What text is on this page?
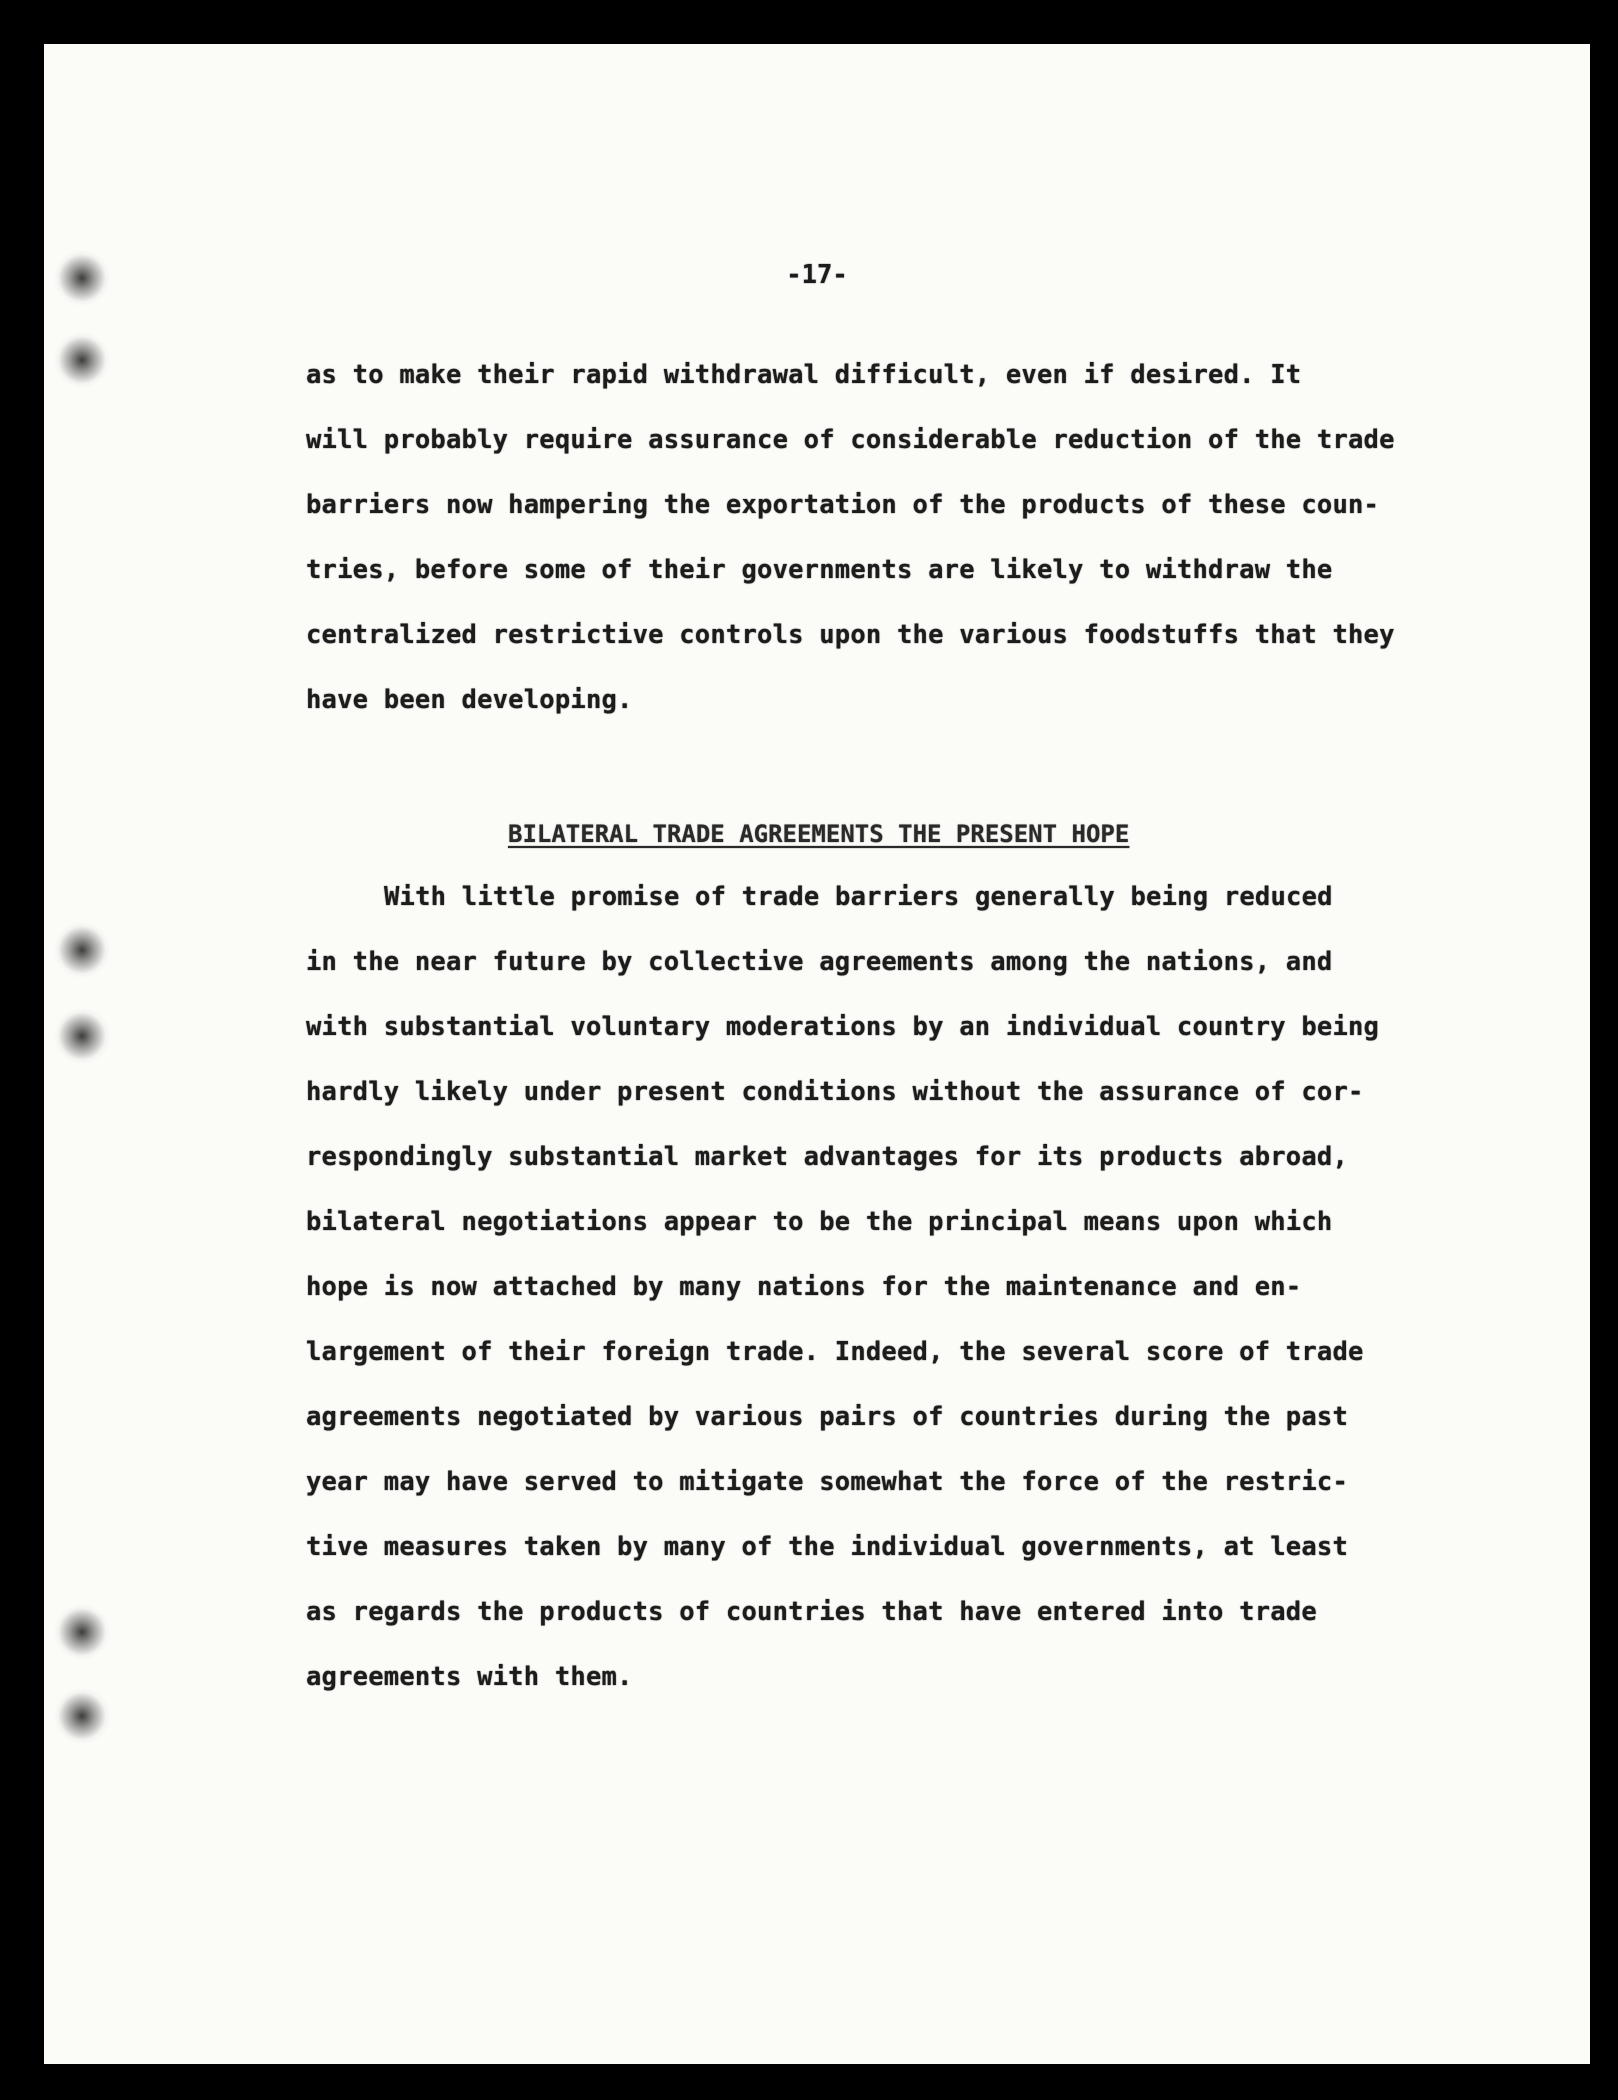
-17-
as to make their rapid withdrawal difficult, even if desired. It
will probably require assurance of considerable reduction of the trade
barriers now hampering the exportation of the products of these coun-
tries, before some of their governments are likely to withdraw the
centralized restrictive controls upon the various foodstuffs that they
have been developing.
BILATERAL TRADE AGREEMENTS THE PRESENT HOPE
With little promise of trade barriers generally being reduced
in the near future by collective agreements among the nations, and
with substantial voluntary moderations by an individual country being
hardly likely under present conditions without the assurance of cor-
respondingly substantial market advantages for its products abroad,
bilateral negotiations appear to be the principal means upon which
hope is now attached by many nations for the maintenance and en-
largement of their foreign trade. Indeed, the several score of trade
agreements negotiated by various pairs of countries during the past
year may have served to mitigate somewhat the force of the restric-
tive measures taken by many of the individual governments, at least
as regards the products of countries that have entered into trade
agreements with them.
